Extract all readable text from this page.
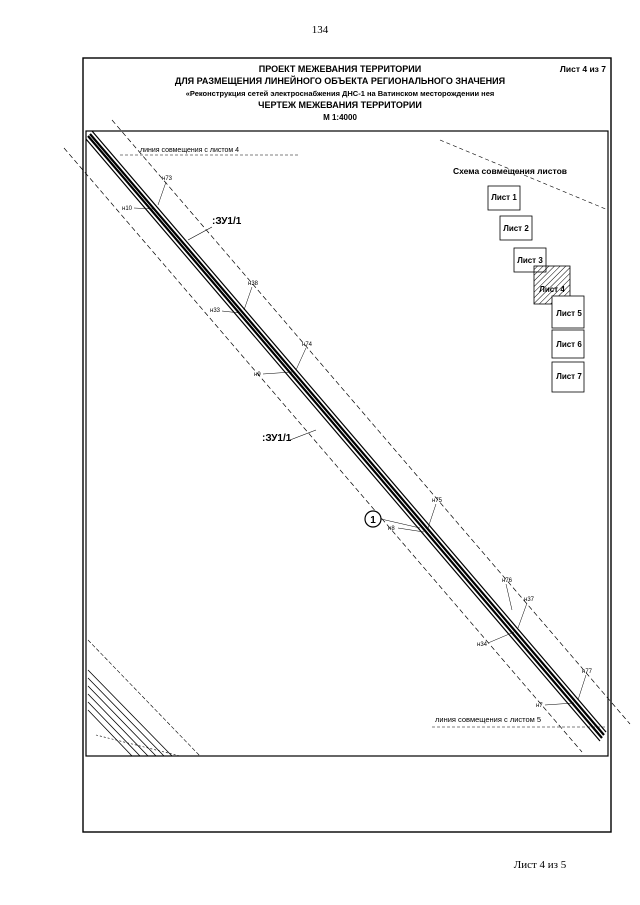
134
ПРОЕКТ МЕЖЕВАНИЯ ТЕРРИТОРИИ
ДЛЯ РАЗМЕЩЕНИЯ ЛИНЕЙНОГО ОБЪЕКТА РЕГИОНАЛЬНОГО ЗНАЧЕНИЯ
«Реконструкция сетей электроснабжения ДНС-1 на Ватинском месторождении нея
ЧЕРТЕЖ МЕЖЕВАНИЯ ТЕРРИТОРИИ
М 1:4000
Лист 4 из 7
линия совмещения с листом 4
:ЗУ1/1
:ЗУ1/1
н73
н10
н38
н33
н74
н9
н75
н8
н76
н37
н34
н77
н7
1
линия совмещения с листом 5
Схема совмещения листов
Лист 1
Лист 2
Лист 3
Лист 4
Лист 5
Лист 6
Лист 7
Лист 4 из 5
